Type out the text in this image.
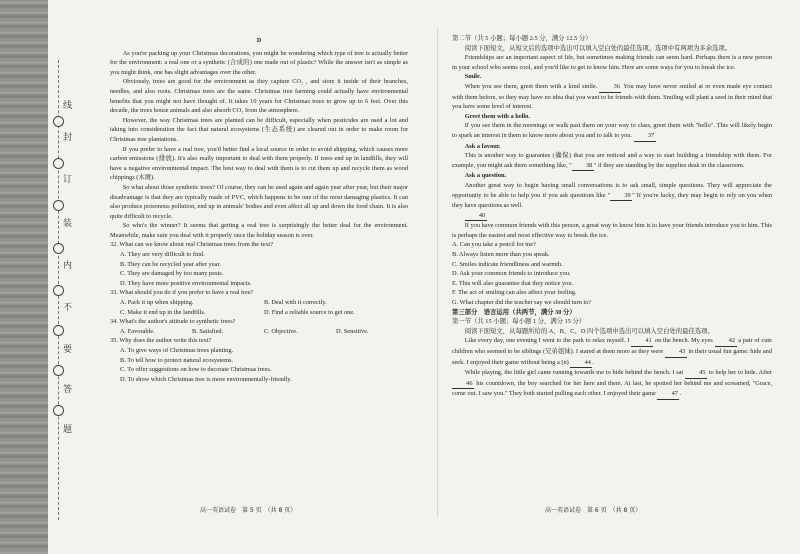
线
封
订
装
内
不
要
答
题
D

As you're packing up your Christmas decorations, you might be wondering which type of tree is actually better for the environment: a real one or a synthetic (合成的) one made out of plastic? While the answer isn't as simple as you might think, one has slight advantages over the other.

Obviously, trees are good for the environment as they capture CO₂ , and store it inside of their branches, needles, and also roots. Christmas trees are the same. Christmas tree farming could actually have environmental benefits that you might not have thought of. It takes 10 years for Christmas trees to grow up to 6 feet. Over this decade, the trees house animals and also absorb CO₂ from the atmosphere.

However, the way Christmas trees are planted can be difficult, especially when pesticides are used a lot and taking into consideration the fact that natural ecosystems (生态系统) are cleared out in order to make room for Christmas tree plantations.

If you prefer to have a real tree, you'd better find a local source in order to avoid shipping, which causes more carbon emissions (排放). It's also really important to deal with them properly. If trees end up in landfills, they will have a negative environmental impact. The best way to deal with them is to cut them up and recycle them as wood chippings (木屑).

So what about those synthetic trees? Of course, they can be used again and again year after year, but their major disadvantage is that they are typically made of PVC, which happens to be one of the most damaging plastics. It can also produce poisonous pollution, end up in animals' bodies and even affect all up and down the food chain. It is also quite difficult to recycle.

So who's the winner? It seems that getting a real tree is surprisingly the better deal for the environment. Meanwhile, make sure you deal with it properly once the holiday season is over.

32. What can we know about real Christmas trees from the text?
A. They are very difficult to find.
B. They can be recycled year after year.
C. They are damaged by too many pests.
D. They have more positive environmental impacts.
33. What should you do if you prefer to have a real tree?
A. Pack it up when shipping.	B. Deal with it correctly.
C. Make it end up in the landfills.	D. Find a reliable source to get one.
34. What's the author's attitude to synthetic trees?
A. Favorable.	B. Satisfied.	C. Objective.	D. Sensitive.
35. Why does the author write this text?
A. To give ways of Christmas trees planting.
B. To tell how to protect natural ecosystems.
C. To offer suggestions on how to decorate Christmas trees.
D. To show which Christmas tree is more environmentally-friendly.
高一英语试卷　第 5 页　（共 8 页）
第二节（共 5 小题；每小题 2.5 分，满分 12.5 分）

阅读下面短文，从短文后的选项中选出可以填入空白处的最佳选项。选项中有两项为多余选项。

Friendships are an important aspect of life, but sometimes making friends can seem hard. Perhaps there is a new person in your school who seems cool, and you'd like to get to know him. Here are some ways for you to break the ice.

Smile.

When you see them, greet them with a kind smile.	36 You may have never smiled at or even made eye contact with them before, so they may have no idea that you want to be friends with them. Smiling will plant a seed in their mind that you have some level of interest.

Greet them with a hello.

If you see them in the mornings or walk past them on your way to class, greet them with "hello". This will likely begin to spark an interest in them to know more about you and to talk to you. 37

Ask a favour.

This is another way to guarantee (确保) that you are noticed and a way to start building a friendship with them. For example, you might ask them something like, " 38" if they are standing by the supplies desk in the classroom.

Ask a question.

Another great way to begin having small conversations is to ask small, simple questions. They will appreciate the opportunity to be able to help you if you ask questions like " 39" If you're lucky, they may begin to rely on you when they have questions as well.

40

If you have common friends with this person, a great way to know him is to have your friends introduce you to him. This is perhaps the easiest and most effective way to break the ice.

A. Can you take a pencil for me?
B. Always listen more than you speak.
C. Smiles indicate friendliness and warmth.
D. Ask your common friends to introduce you.
E. This will also guarantee that they notice you.
F. The act of smiling can also affect your feeling.
G. What chapter did the teacher say we should turn to?
第三部分　语言运用（共两节，满分 30 分）
第一节（共 15 小题；每小题 1 分，满分 15 分）

阅读下面短文，从每题所给的 A、B、C、D 四个选项中选出可以填入空白处的最佳选项。

Like every day, one evening I went to the park to relax myself. I	41 on the bench. My eyes	42 a pair of cute children who seemed to be siblings (兄弟姐妹). I stared at them more as they were 43 in their usual fun game: hide and seek. I enjoyed their game without being a (n) 44.

While playing, the little girl came running towards me to hide behind the bench. I sat	45 to help her to hide. After 46 his countdown, the boy searched for her here and there. At last, he spotted her behind me and screamed, "Grace, come out. I saw you." They both started pulling each other. I enjoyed their game 47.

高一英语试卷　第 6 页　（共 8 页）
